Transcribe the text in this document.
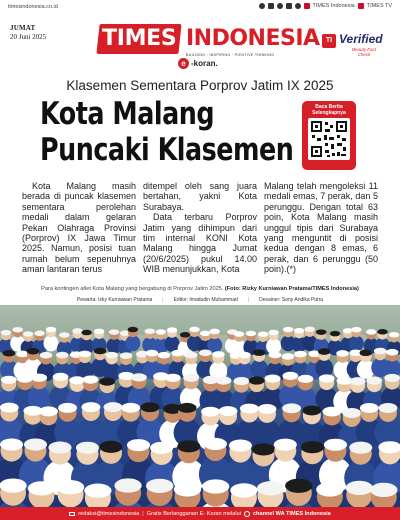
timesindonesia.co.id	TIMES Indonesia TIMES TV
JUMAT
20 Juni 2025	TIMES INDONESIA
BUILDING · INSPIRING · POSITIVE THINKING
e -koran.
TI Verified
Beauty Fact
Check
Klasemen Sementara Porprov Jatim IX 2025
Kota Malang
Puncaki Klasemen
Baca Berita Selengkapnya

Kota Malang masih berada di puncak klasemen sementara perolehan medali dalam gelaran Pekan Olahraga Provinsi (Porprov) IX Jawa Timur 2025. Namun, posisi tuan rumah belum sepenuhnya aman lantaran terus

ditempel oleh sang juara bertahan, yakni Kota Surabaya.

Data terbaru Porprov Jatim yang dihimpun dari tim internal KONI Kota Malang hingga Jumat (20/6/2025) pukul 14.00 WIB menunjukkan, Kota

Malang telah mengoleksi 11 medali emas, 7 perak, dan 5 perunggu. Dengan total 63 poin, Kota Malang masih unggul tipis dari Surabaya yang menguntit di posisi kedua dengan 8 emas, 6 perak, dan 6 perunggu (50 poin).(*)

Para kontingen atlet Kota Malang yang bergabung di Porprov Jatim 2025. (Foto: Rizky Kurniawan Pratama/TIMES Indonesia)
Pewarta: Izky Kurniawan Pratama | Editor: Imadudin Muhammad | Desainer: Sony Andika Putra
redaksi@timesindonesia | Gratis Berlangganan E- Koran melalui channel WA TIMES Indonesia
